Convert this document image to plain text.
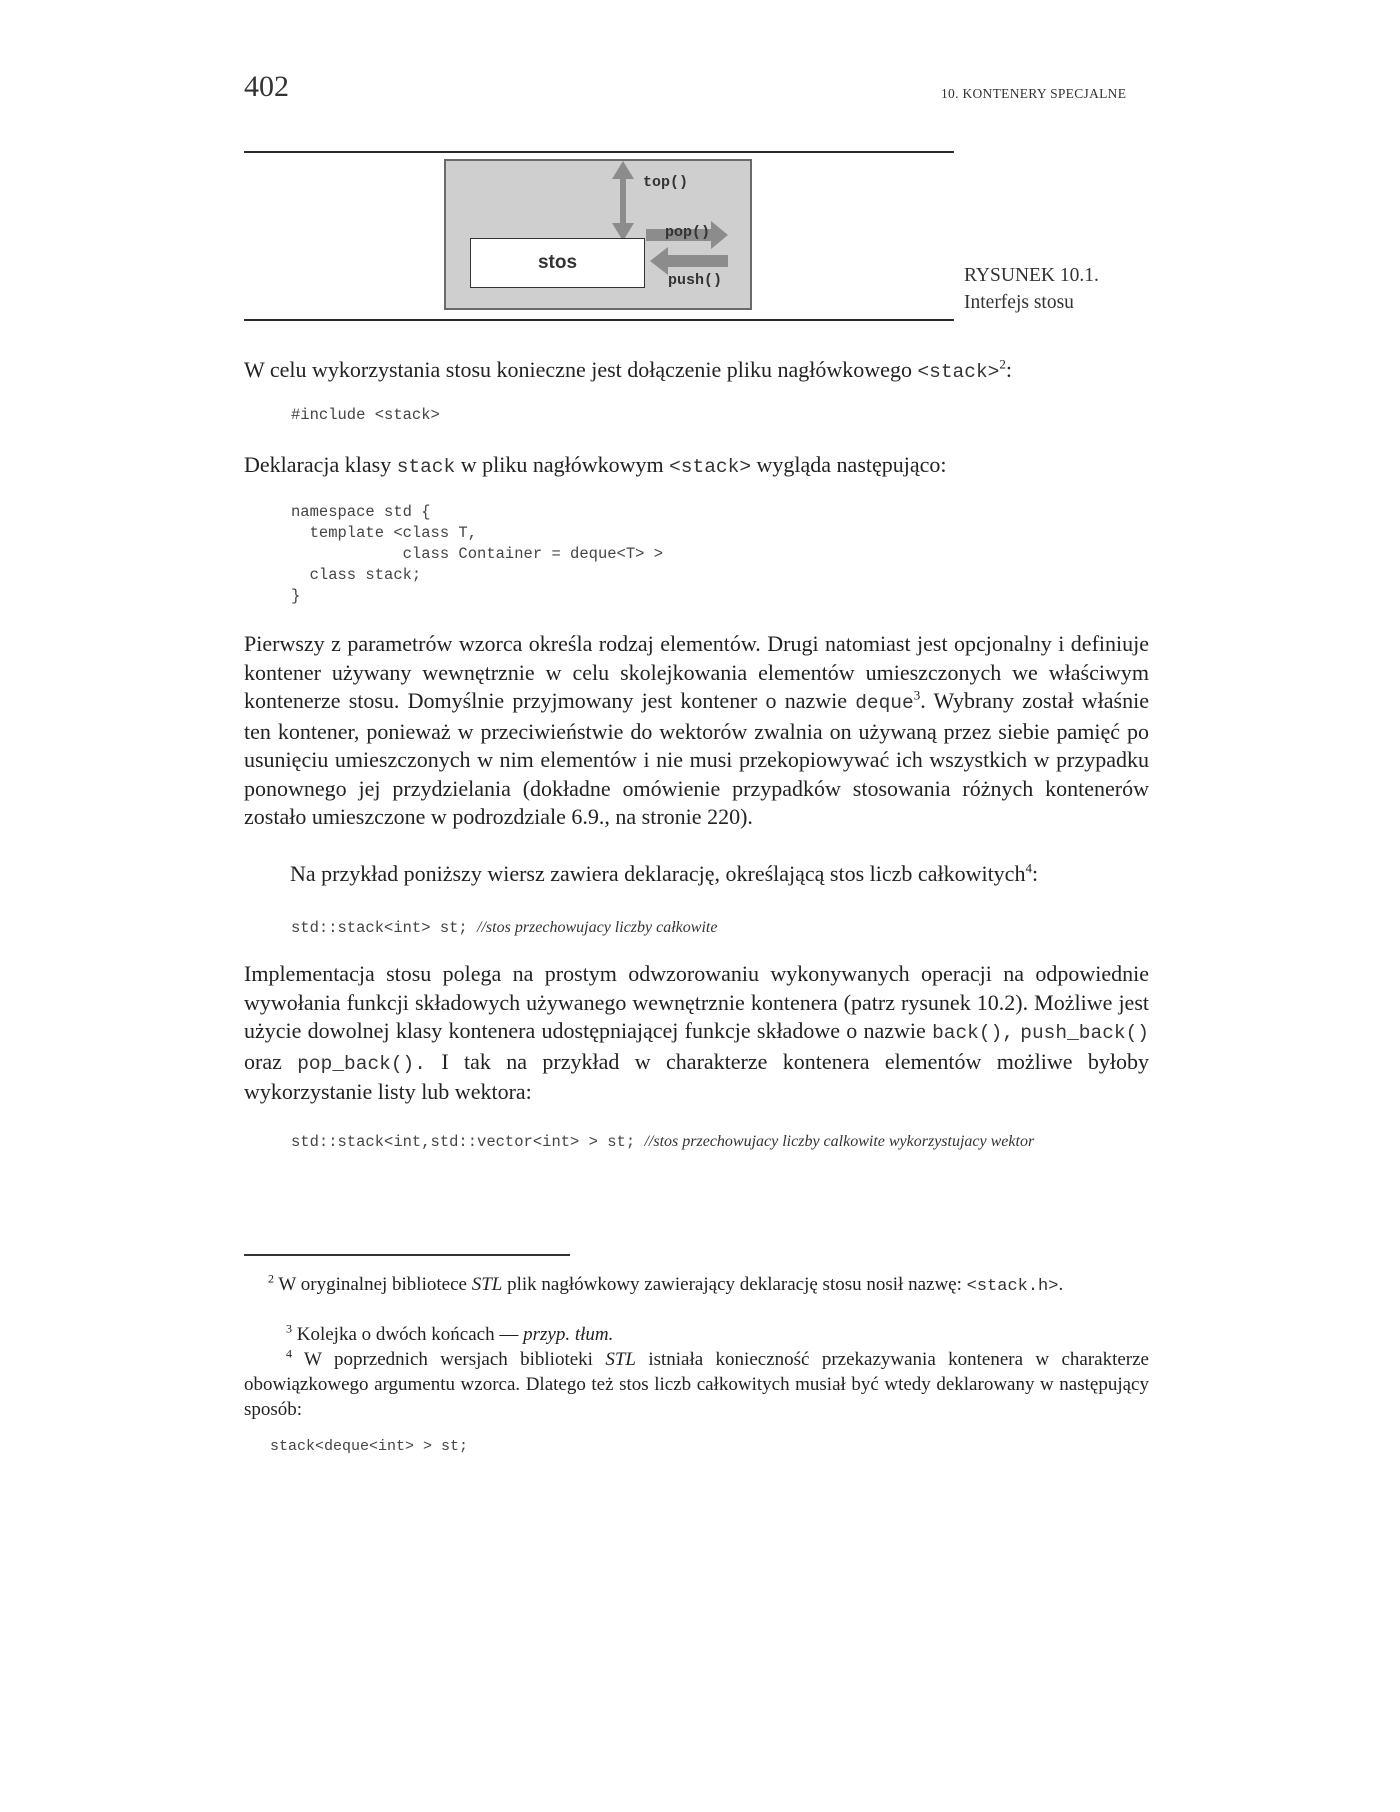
402	10. KONTENERY SPECJALNE
stos
top()
pop()
push()	RYSUNEK 10.1.
Interfejs stosu
W celu wykorzystania stosu konieczne jest dołączenie pliku nagłówkowego <stack>$^2$:
#include <stack>
Deklaracja klasy stack w pliku nagłówkowym <stack> wygląda następująco:
namespace std {
template <class T,
class Container = deque<T> >
class stack;
}
Pierwszy z parametrów wzorca określa rodzaj elementów. Drugi natomiast jest opcjonalny i definiuje kontener używany wewnętrznie w celu skolejkowania elementów umieszczonych we właściwym kontenerze stosu. Domyślnie przyjmowany jest kontener o nazwie deque$^3$. Wybrany został właśnie ten kontener, ponieważ w przeciwieństwie do wektorów zwalnia on używaną przez siebie pamięć po usunięciu umieszczonych w nim elementów i nie musi przekopiowywać ich wszystkich w przypadku ponownego jej przydzielania (dokładne omówienie przypadków stosowania różnych kontenerów zostało umieszczone w podrozdziale 6.9., na stronie 220).
Na przykład poniższy wiersz zawiera deklarację, określającą stos liczb całkowitych$^4$:
std::stack<int> st; //stos przechowujacy liczby całkowite
Implementacja stosu polega na prostym odwzorowaniu wykonywanych operacji na odpowiednie wywołania funkcji składowych używanego wewnętrznie kontenera (patrz rysunek 10.2). Możliwe jest użycie dowolnej klasy kontenera udostępniającej funkcje składowe o nazwie back(), push_back() oraz pop_back(). I tak na przykład w charakterze kontenera elementów możliwe byłoby wykorzystanie listy lub wektora:
std::stack<int,std::vector<int> > st; //stos przechowujacy liczby calkowite wykorzystujacy wektor
$^2$ W oryginalnej bibliotece STL plik nagłówkowy zawierający deklarację stosu nosił nazwę: <stack.h>.
$^3$ Kolejka o dwóch końcach — przyp. tłum.
$^4$ W poprzednich wersjach biblioteki STL istniała konieczność przekazywania kontenera w charakterze obowiązkowego argumentu wzorca. Dlatego też stos liczb całkowitych musiał być wtedy deklarowany w następujący sposób:
stack<deque<int> > st;
